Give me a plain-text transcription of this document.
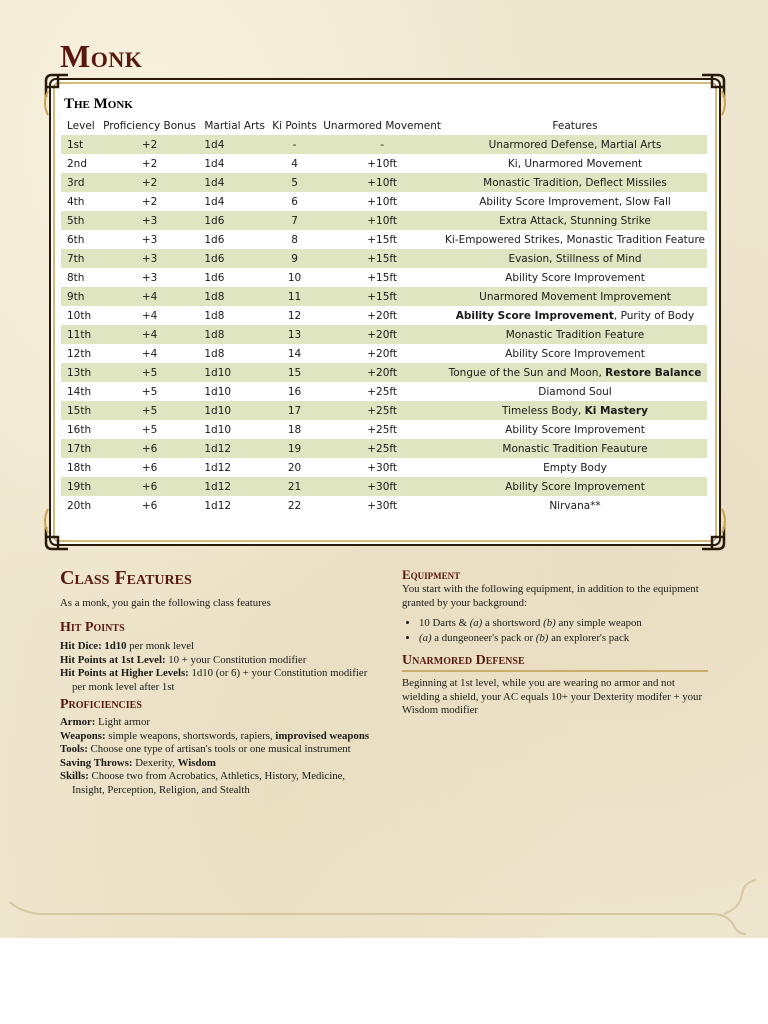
Monk
The Monk
Level	Proficiency Bonus	Martial Arts	Ki Points	Unarmored Movement	Features
1st	+2	1d4	-	-	Unarmored Defense, Martial Arts
2nd	+2	1d4	4	+10ft	Ki, Unarmored Movement
3rd	+2	1d4	5	+10ft	Monastic Tradition, Deflect Missiles
4th	+2	1d4	6	+10ft	Ability Score Improvement, Slow Fall
5th	+3	1d6	7	+10ft	Extra Attack, Stunning Strike
6th	+3	1d6	8	+15ft	Ki-Empowered Strikes, Monastic Tradition Feature
7th	+3	1d6	9	+15ft	Evasion, Stillness of Mind
8th	+3	1d6	10	+15ft	Ability Score Improvement
9th	+4	1d8	11	+15ft	Unarmored Movement Improvement
10th	+4	1d8	12	+20ft	Ability Score Improvement, Purity of Body
11th	+4	1d8	13	+20ft	Monastic Tradition Feature
12th	+4	1d8	14	+20ft	Ability Score Improvement
13th	+5	1d10	15	+20ft	Tongue of the Sun and Moon, Restore Balance
14th	+5	1d10	16	+25ft	Diamond Soul
15th	+5	1d10	17	+25ft	Timeless Body, Ki Mastery
16th	+5	1d10	18	+25ft	Ability Score Improvement
17th	+6	1d12	19	+25ft	Monastic Tradition Feauture
18th	+6	1d12	20	+30ft	Empty Body
19th	+6	1d12	21	+30ft	Ability Score Improvement
20th	+6	1d12	22	+30ft	Nirvana**
Class Features
As a monk, you gain the following class features
Hit Points

Hit Dice: 1d10 per monk level

Hit Points at 1st Level: 10 + your Constitution modifier

Hit Points at Higher Levels: 1d10 (or 6) + your Constitution modifier per monk level after 1st

Proficiencies

Armor: Light armor

Weapons: simple weapons, shortswords, rapiers, improvised weapons

Tools: Choose one type of artisan's tools or one musical instrument

Saving Throws: Dexerity, Wisdom

Skills: Choose two from Acrobatics, Athletics, History, Medicine, Insight, Perception, Religion, and Stealth

Equipment

You start with the following equipment, in addition to the equipment granted by your background:

• 10 Darts & (a) a shortsword (b) any simple weapon
• (a) a dungeoneer's pack or (b) an explorer's pack
Unarmored Defense
Beginning at 1st level, while you are wearing no armor and not wielding a shield, your AC equals 10+ your Dexterity modifer + your Wisdom modifier
